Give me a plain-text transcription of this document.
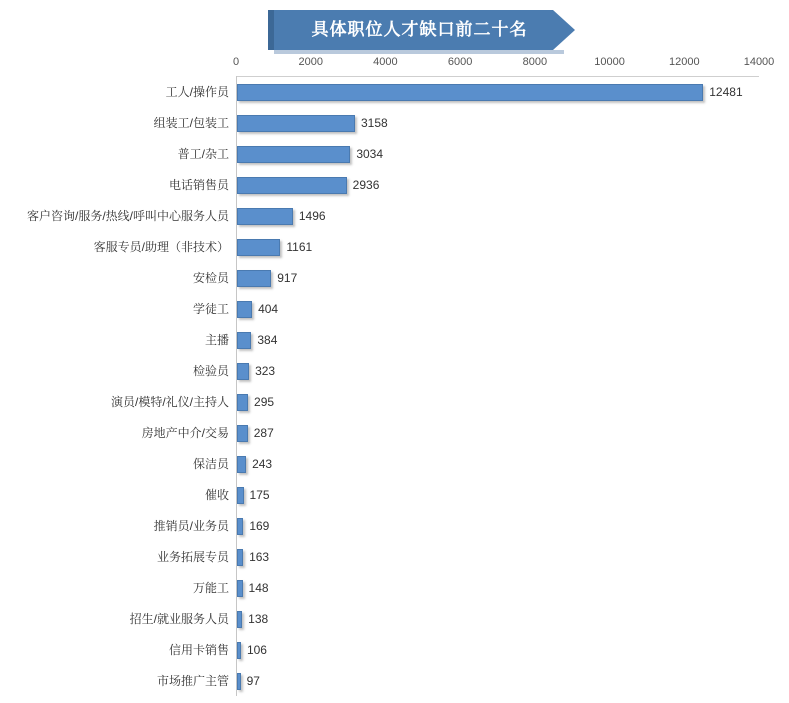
具体职位人才缺口前二十名
0	2000	4000	6000	8000	10000	12000	14000
工人/操作员	12481
组装工/包装工	3158
普工/杂工	3034
电话销售员	2936
客户咨询/服务/热线/呼叫中心服务人员	1496
客服专员/助理（非技术）	1161
安检员	917
学徒工 404
主播 384
检验员 323
演员/模特/礼仪/主持人 295
房地产中介/交易 287
保洁员 243
催收 175
推销员/业务员 169
业务拓展专员 163
万能工 148
招生/就业服务人员 138
信用卡销售 106
市场推广主管 97
